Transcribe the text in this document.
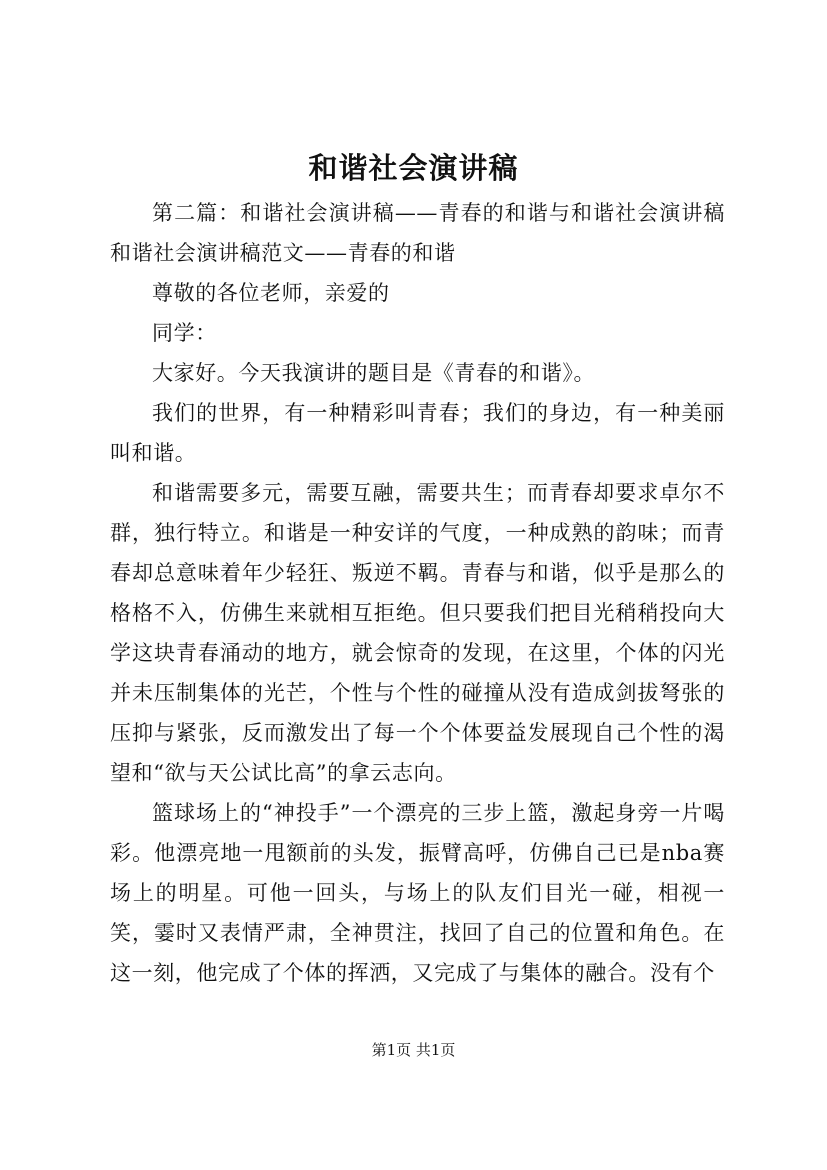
和谐社会演讲稿

第二篇：和谐社会演讲稿——青春的和谐与和谐社会演讲稿和谐社会演讲稿范文——青春的和谐

尊敬的各位老师，亲爱的

同学：

大家好。今天我演讲的题目是《青春的和谐》。

我们的世界，有一种精彩叫青春；我们的身边，有一种美丽叫和谐。

和谐需要多元，需要互融，需要共生；而青春却要求卓尔不群，独行特立。和谐是一种安详的气度，一种成熟的韵味；而青春却总意味着年少轻狂、叛逆不羁。青春与和谐，似乎是那么的格格不入，仿佛生来就相互拒绝。但只要我们把目光稍稍投向大学这块青春涌动的地方，就会惊奇的发现，在这里，个体的闪光并未压制集体的光芒，个性与个性的碰撞从没有造成剑拔弩张的压抑与紧张，反而激发出了每一个个体要益发展现自己个性的渴望和“欲与天公试比高”的拿云志向。

篮球场上的“神投手”一个漂亮的三步上篮，激起身旁一片喝彩。他漂亮地一甩额前的头发，振臂高呼，仿佛自己已是nba赛场上的明星。可他一回头，与场上的队友们目光一碰，相视一笑，霎时又表情严肃，全神贯注，找回了自己的位置和角色。在这一刻，他完成了个体的挥洒，又完成了与集体的融合。没有个

第1页 共1页
